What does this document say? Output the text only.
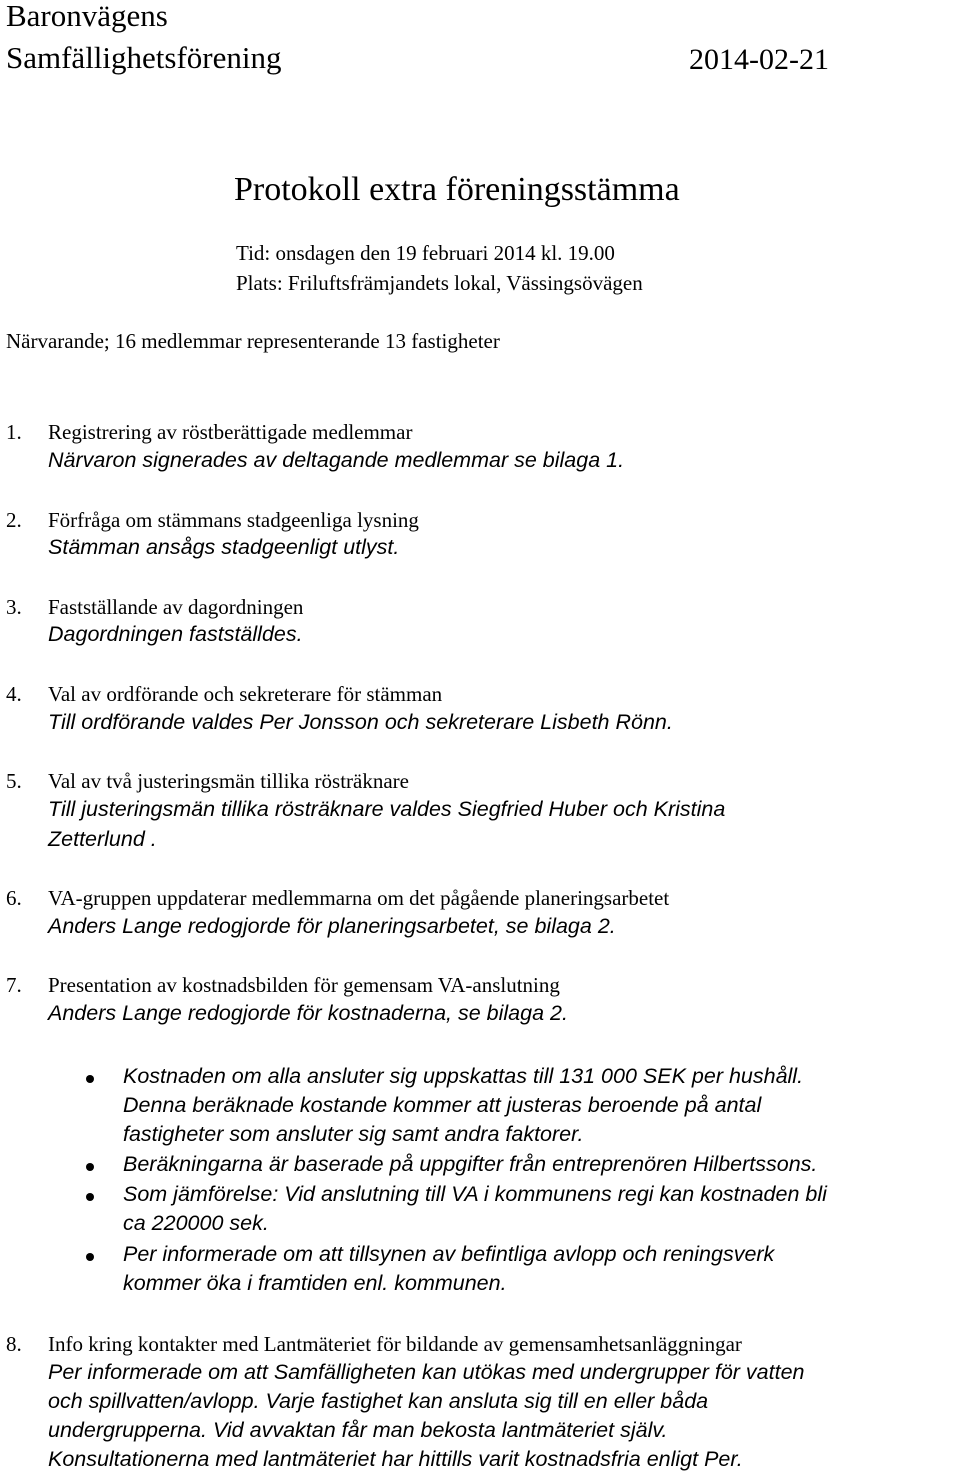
Baronvägens
Samfällighetsförening	2014-02-21
Protokoll extra föreningsstämma
Tid: onsdagen den 19 februari 2014 kl. 19.00
Plats: Friluftsfrämjandets lokal, Vässingsövägen
Närvarande; 16 medlemmar representerande 13 fastigheter
1. Registrering av röstberättigade medlemmar
Närvaron signerades av deltagande medlemmar se bilaga 1.
2. Förfråga om stämmans stadgeenliga lysning
Stämman ansågs stadgeenligt utlyst.
3. Fastställande av dagordningen
Dagordningen fastställdes.
4. Val av ordförande och sekreterare för stämman
Till ordförande valdes Per Jonsson och sekreterare Lisbeth Rönn.
5. Val av två justeringsmän tillika rösträknare
Till justeringsmän tillika rösträknare valdes Siegfried Huber och Kristina
Zetterlund .
6. VA-gruppen uppdaterar medlemmarna om det pågående planeringsarbetet
Anders Lange redogjorde för planeringsarbetet, se bilaga 2.
7. Presentation av kostnadsbilden för gemensam VA-anslutning
Anders Lange redogjorde för kostnaderna, se bilaga 2.
Kostnaden om alla ansluter sig uppskattas till 131 000 SEK per hushåll.
Denna beräknade kostande kommer att justeras beroende på antal
fastigheter som ansluter sig samt andra faktorer.
Beräkningarna är baserade på uppgifter från entreprenören Hilbertssons.
Som jämförelse: Vid anslutning till VA i kommunens regi kan kostnaden bli
ca 220000 sek.
Per informerade om att tillsynen av befintliga avlopp och reningsverk
kommer öka i framtiden enl. kommunen.
8. Info kring kontakter med Lantmäteriet för bildande av gemensamhetsanläggningar
Per informerade om att Samfälligheten kan utökas med undergrupper för vatten
och spillvatten/avlopp. Varje fastighet kan ansluta sig till en eller båda
undergrupperna. Vid avvaktan får man bekosta lantmäteriet själv.
Konsultationerna med lantmäteriet har hittills varit kostnadsfria enligt Per.
